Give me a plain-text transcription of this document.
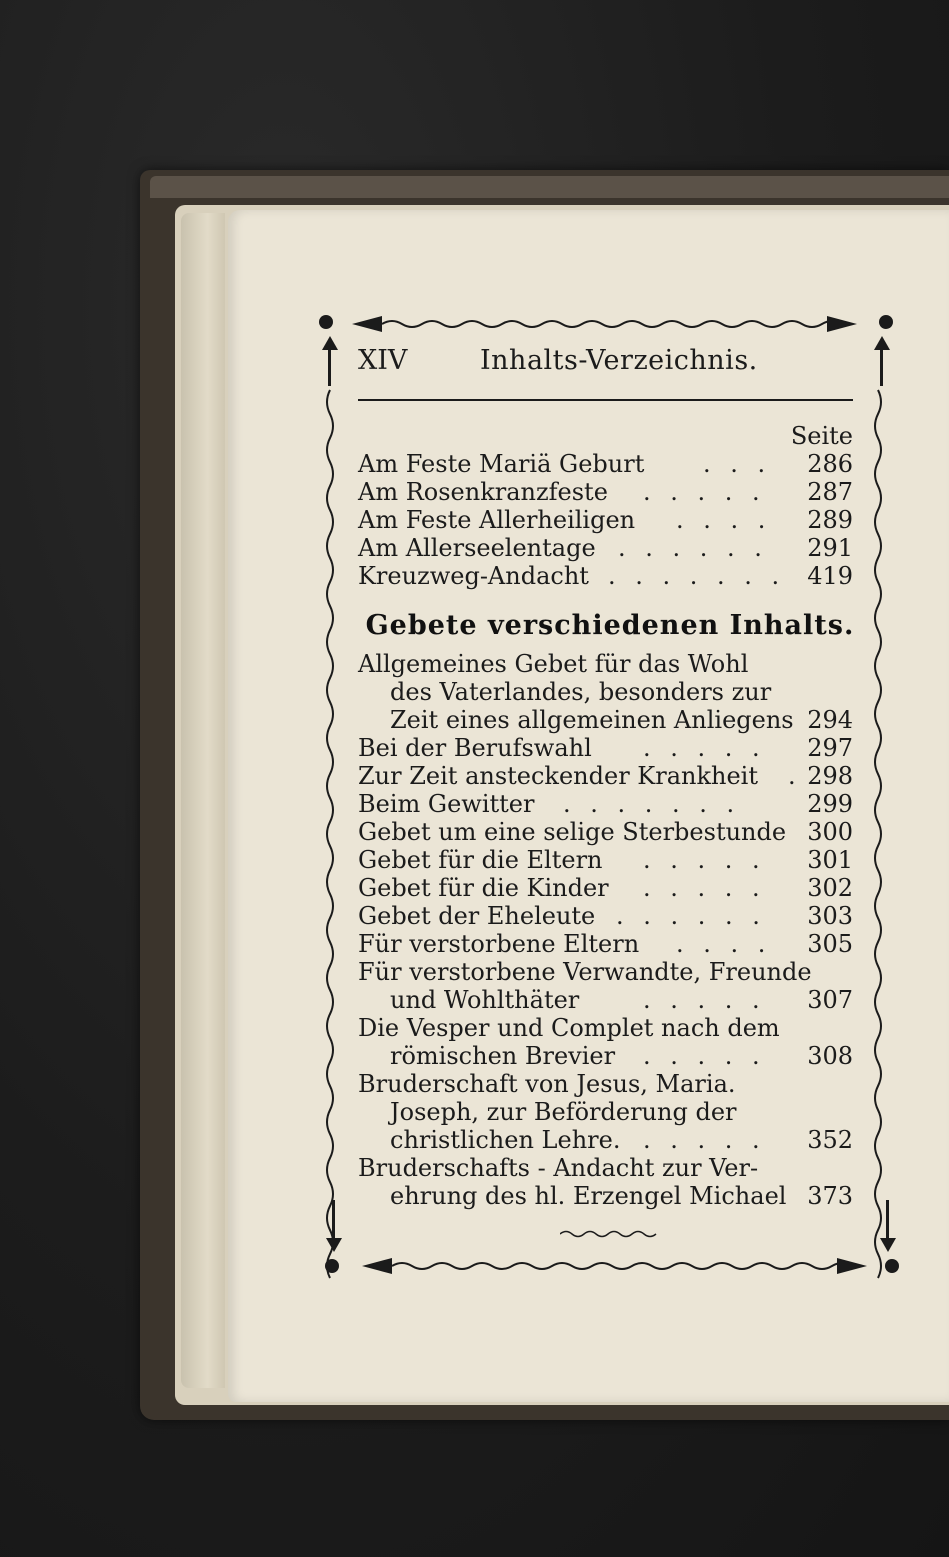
XIV	Inhalts-Verzeichnis.
Seite
Am Feste Mariä Geburt . . . 286
Am Rosenkranzfeste . . . . . 287
Am Feste Allerheiligen . . . . 289
Am Allerseelentage . . . . . . 291
Kreuzweg-Andacht . . . . . . . 419
Gebete verschiedenen Inhalts.
Allgemeines Gebet für das Wohl
des Vaterlandes, besonders zur
Zeit eines allgemeinen Anliegens 294
Bei der Berufswahl . . . . . 297
Zur Zeit ansteckender Krankheit . 298
Beim Gewitter . . . . . . .	299
Gebet um eine selige Sterbestunde 300
Gebet für die Eltern . . . . . 301
Gebet für die Kinder . . . . . 302
Gebet der Eheleute . . . . . . 303
Für verstorbene Eltern . . . . 305
Für verstorbene Verwandte, Freunde
und Wohlthäter	. . . . . 307
Die Vesper und Complet nach dem
römischen Brevier . . . . . 308
Bruderschaft von Jesus, Maria.
Joseph, zur Beförderung der
christlichen Lehre. . . . . . 352
Bruderschafts - Andacht zur Ver-
ehrung des hl. Erzengel Michael 373
